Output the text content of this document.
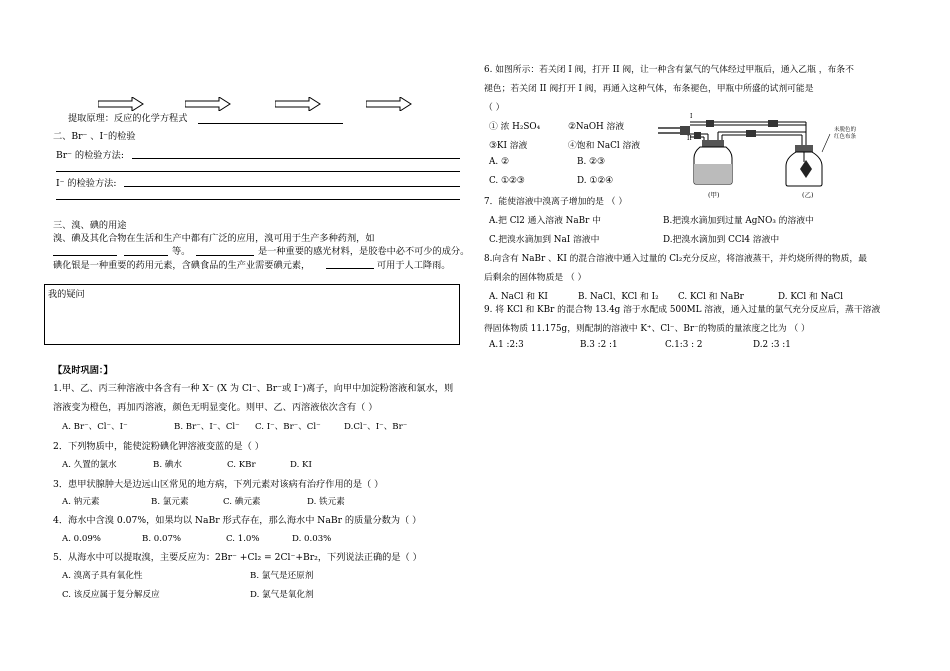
提取原理：反应的化学方程式
二、Br⁻ 、I⁻的检验
Br⁻ 的检验方法:
I⁻ 的检验方法:
三、溴、碘的用途
溴、碘及其化合物在生活和生产中都有广泛的应用，溴可用于生产多种药剂，如
等。	是一种重要的感光材料，是胶卷中必不可少的成分。
碘化银是一种重要的药用元素，含碘食品的生产业需要碘元素，	可用于人工降雨。
我的疑问
【及时巩固：】
1.甲、乙、丙三种溶液中各含有一种 X⁻ (X 为 Cl⁻、Br⁻或 I⁻)离子，向甲中加淀粉溶液和氯水，则
溶液变为橙色，再加丙溶液，颜色无明显变化。则甲、乙、丙溶液依次含有（ ）
A. Br⁻、Cl⁻、I⁻	B. Br⁻、I⁻、Cl⁻ C. I⁻、Br⁻、Cl⁻	D.Cl⁻、I⁻、Br⁻
2．下列物质中，能使淀粉碘化钾溶液变蓝的是（ ）
A. 久置的氯水	B. 碘水	C. KBr	D. KI
3．患甲状腺肿大是边远山区常见的地方病，下列元素对该病有治疗作用的是（ ）
A. 钠元素	B. 氯元素	C. 碘元素	D. 铁元素
4．海水中含溴 0.07%，如果均以 NaBr 形式存在，那么海水中 NaBr 的质量分数为（ ）
A. 0.09%	B. 0.07%	C. 1.0%	D. 0.03%
5．从海水中可以提取溴，主要反应为：2Br⁻ +Cl₂ = 2Cl⁻+Br₂，下列说法正确的是（ ）
A. 溴离子具有氧化性	B. 氯气是还原剂
C. 该反应属于复分解反应	D. 氯气是氧化剂
6. 如图所示：若关闭 I 阀，打开 II 阀，让一种含有氯气的气体经过甲瓶后，通入乙瓶 ，布条不
褪色；若关闭 II 阀打开 I 阀，再通入这种气体，布条褪色，甲瓶中所盛的试剂可能是
（ ）
① 浓 H₂SO₄	②NaOH 溶液
③KI 溶液	④饱和 NaCl 溶液
A. ②	B. ②③
C. ①②③	D. ①②④
I
II
未脱色的
红色布条
(甲)	(乙)
7．能使溶液中溴离子增加的是 （ ）
A.把 Cl2 通入溶液 NaBr 中	B.把溴水滴加到过量 AgNO₃ 的溶液中
C.把溴水滴加到 NaI 溶液中	D.把溴水滴加到 CCl4 溶液中
8.向含有 NaBr 、KI 的混合溶液中通入过量的 Cl₂充分反应，将溶液蒸干，并灼烧所得的物质，最
后剩余的固体物质是 （ ）
A. NaCl 和 KI	B. NaCl、KCl 和 I₂ C. KCl 和 NaBr	D. KCl 和 NaCl
9. 将 KCl 和 KBr 的混合物 13.4g 溶于水配成 500ML 溶液，通入过量的氯气充分反应后，蒸干溶液
得固体物质 11.175g，则配制的溶液中 K⁺、Cl⁻、Br⁻的物质的量浓度之比为 （ ）
A.1 :2:3	B.3 :2 :1	C.1:3 : 2	D.2 :3 :1
